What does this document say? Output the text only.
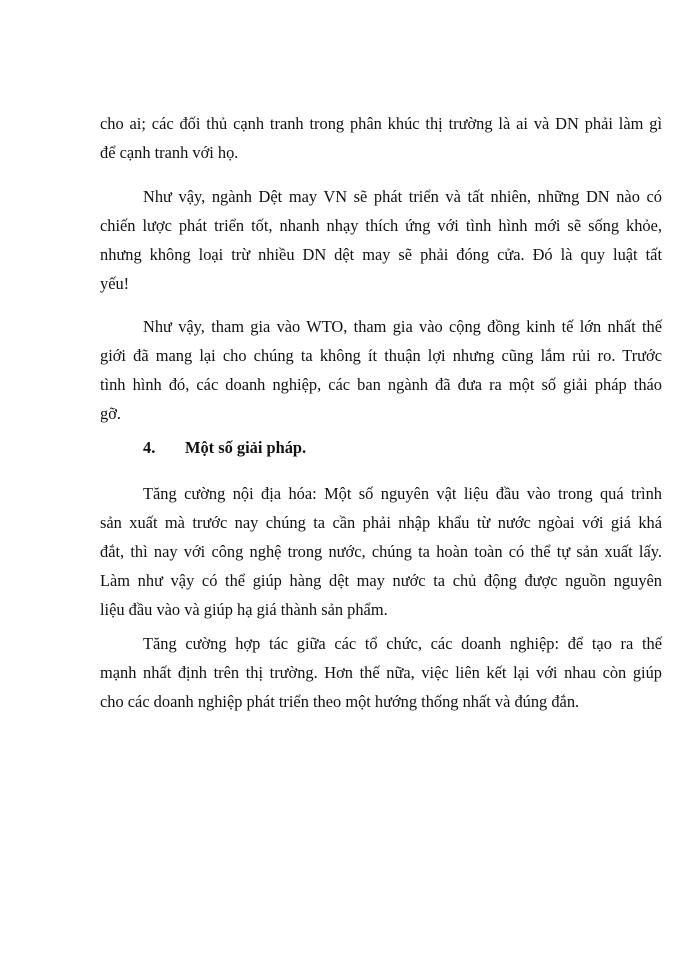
cho ai; các đối thủ cạnh tranh trong phân khúc thị trường là ai và DN phải làm gì
để cạnh tranh với họ.
Như vậy, ngành Dệt may VN sẽ phát triển và tất nhiên, những DN nào có
chiến lược phát triển tốt, nhanh nhạy thích ứng với tình hình mới sẽ sống khỏe,
nhưng không loại trừ nhiều DN dệt may sẽ phải đóng cửa. Đó là quy luật tất
yếu!
Như vậy, tham gia vào WTO, tham gia vào cộng đồng kinh tế lớn nhất thế
giới đã mang lại cho chúng ta không ít thuận lợi nhưng cũng lắm rủi ro. Trước
tình hình đó, các doanh nghiệp, các ban ngành đã đưa ra một số giải pháp tháo
gỡ.
4. Một số giải pháp.
Tăng cường nội địa hóa: Một số nguyên vật liệu đầu vào trong quá trình
sản xuất mà trước nay chúng ta cần phải nhập khẩu từ nước ngòai với giá khá
đắt, thì nay với công nghệ trong nước, chúng ta hoàn toàn có thể tự sản xuất lấy.
Làm như vậy có thể giúp hàng dệt may nước ta chủ động được nguồn nguyên
liệu đầu vào và giúp hạ giá thành sản phẩm.
Tăng cường hợp tác giữa các tổ chức, các doanh nghiệp: để tạo ra thế
mạnh nhất định trên thị trường. Hơn thế nữa, việc liên kết lại với nhau còn giúp
cho các doanh nghiệp phát triển theo một hướng thống nhất và đúng đắn.
